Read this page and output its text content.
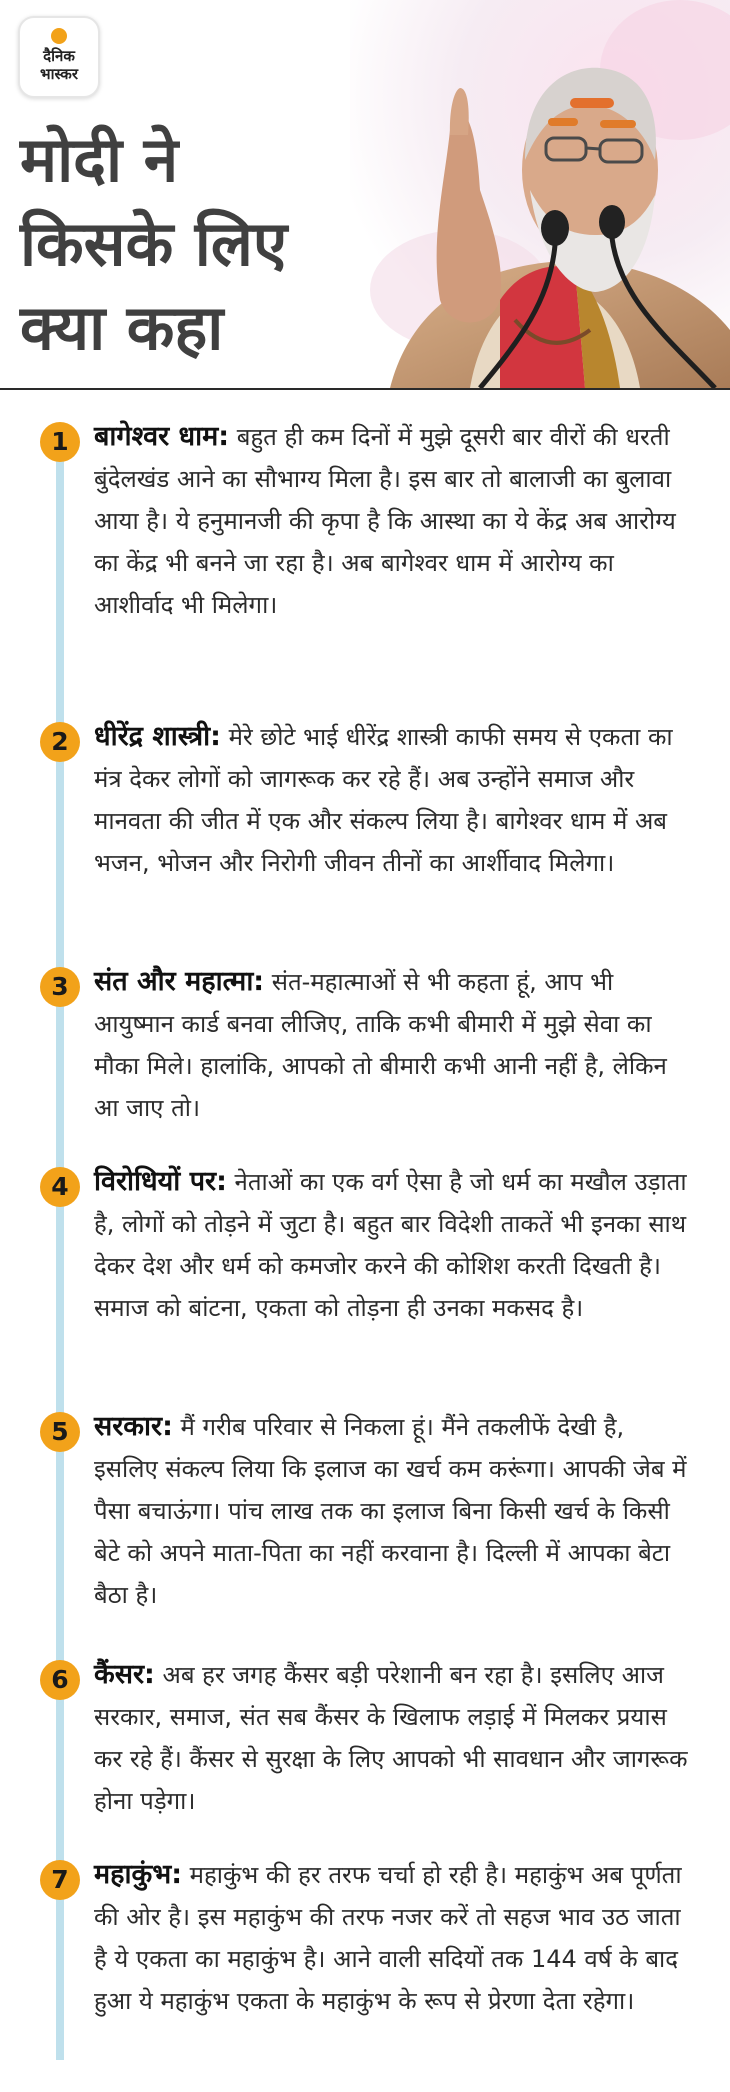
दैनिक
भास्कर
मोदी ने
किसके लिए
क्या कहा
1 बागेश्वर धाम: बहुत ही कम दिनों में मुझे दूसरी बार वीरों की धरती बुंदेलखंड आने का सौभाग्य मिला है। इस बार तो बालाजी का बुलावा आया है। ये हनुमानजी की कृपा है कि आस्था का ये केंद्र अब आरोग्य का केंद्र भी बनने जा रहा है। अब बागेश्वर धाम में आरोग्य का आशीर्वाद भी मिलेगा।
2 धीरेंद्र शास्त्री: मेरे छोटे भाई धीरेंद्र शास्त्री काफी समय से एकता का मंत्र देकर लोगों को जागरूक कर रहे हैं। अब उन्होंने समाज और मानवता की जीत में एक और संकल्प लिया है। बागेश्वर धाम में अब भजन, भोजन और निरोगी जीवन तीनों का आर्शीवाद मिलेगा।
3 संत और महात्मा: संत-महात्माओं से भी कहता हूं, आप भी आयुष्मान कार्ड बनवा लीजिए, ताकि कभी बीमारी में मुझे सेवा का मौका मिले। हालांकि, आपको तो बीमारी कभी आनी नहीं है, लेकिन आ जाए तो।
4 विरोधियों पर: नेताओं का एक वर्ग ऐसा है जो धर्म का मखौल उड़ाता है, लोगों को तोड़ने में जुटा है। बहुत बार विदेशी ताकतें भी इनका साथ देकर देश और धर्म को कमजोर करने की कोशिश करती दिखती है। समाज को बांटना, एकता को तोड़ना ही उनका मकसद है।
5 सरकार: मैं गरीब परिवार से निकला हूं। मैंने तकलीफें देखी है, इसलिए संकल्प लिया कि इलाज का खर्च कम करूंगा। आपकी जेब में पैसा बचाऊंगा। पांच लाख तक का इलाज बिना किसी खर्च के किसी बेटे को अपने माता-पिता का नहीं करवाना है। दिल्ली में आपका बेटा बैठा है।
6 कैंसर: अब हर जगह कैंसर बड़ी परेशानी बन रहा है। इसलिए आज सरकार, समाज, संत सब कैंसर के खिलाफ लड़ाई में मिलकर प्रयास कर रहे हैं। कैंसर से सुरक्षा के लिए आपको भी सावधान और जागरूक होना पड़ेगा।
7 महाकुंभ: महाकुंभ की हर तरफ चर्चा हो रही है। महाकुंभ अब पूर्णता की ओर है। इस महाकुंभ की तरफ नजर करें तो सहज भाव उठ जाता है ये एकता का महाकुंभ है। आने वाली सदियों तक 144 वर्ष के बाद हुआ ये महाकुंभ एकता के महाकुंभ के रूप से प्रेरणा देता रहेगा।
